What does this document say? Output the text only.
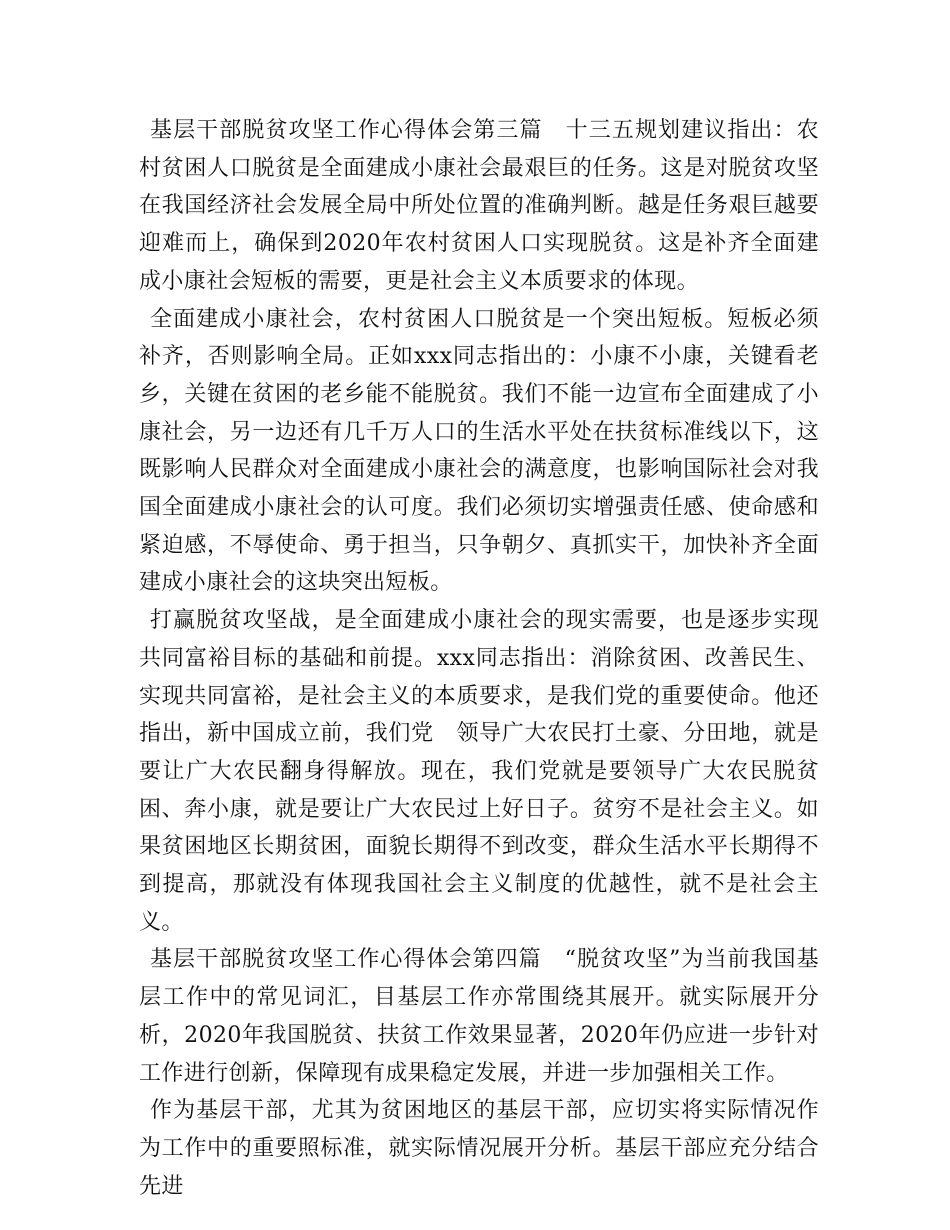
基层干部脱贫攻坚工作心得体会第三篇　十三五规划建议指出：农村贫困人口脱贫是全面建成小康社会最艰巨的任务。这是对脱贫攻坚在我国经济社会发展全局中所处位置的准确判断。越是任务艰巨越要迎难而上，确保到2020年农村贫困人口实现脱贫。这是补齐全面建成小康社会短板的需要，更是社会主义本质要求的体现。

全面建成小康社会，农村贫困人口脱贫是一个突出短板。短板必须补齐，否则影响全局。正如xxx同志指出的：小康不小康，关键看老乡，关键在贫困的老乡能不能脱贫。我们不能一边宣布全面建成了小康社会，另一边还有几千万人口的生活水平处在扶贫标准线以下，这既影响人民群众对全面建成小康社会的满意度，也影响国际社会对我国全面建成小康社会的认可度。我们必须切实增强责任感、使命感和紧迫感，不辱使命、勇于担当，只争朝夕、真抓实干，加快补齐全面建成小康社会的这块突出短板。

打赢脱贫攻坚战，是全面建成小康社会的现实需要，也是逐步实现共同富裕目标的基础和前提。xxx同志指出：消除贫困、改善民生、实现共同富裕，是社会主义的本质要求，是我们党的重要使命。他还指出，新中国成立前，我们党　领导广大农民打土豪、分田地，就是要让广大农民翻身得解放。现在，我们党就是要领导广大农民脱贫困、奔小康，就是要让广大农民过上好日子。贫穷不是社会主义。如果贫困地区长期贫困，面貌长期得不到改变，群众生活水平长期得不到提高，那就没有体现我国社会主义制度的优越性，就不是社会主义。

基层干部脱贫攻坚工作心得体会第四篇　“脱贫攻坚”为当前我国基层工作中的常见词汇，目基层工作亦常围绕其展开。就实际展开分析，2020年我国脱贫、扶贫工作效果显著，2020年仍应进一步针对工作进行创新，保障现有成果稳定发展，并进一步加强相关工作。

作为基层干部，尤其为贫困地区的基层干部，应切实将实际情况作为工作中的重要照标准，就实际情况展开分析。基层干部应充分结合先进
